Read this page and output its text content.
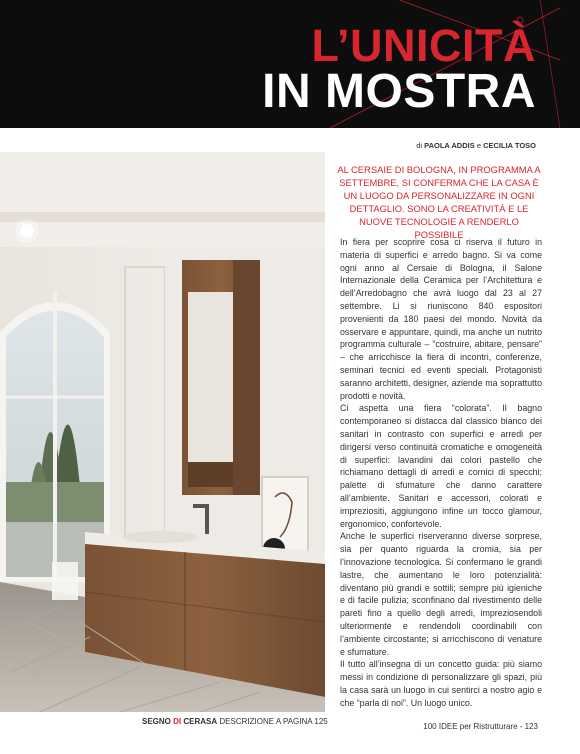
L’UNICITÀ
IN MOSTRA
di PAOLA ADDIS e CECILIA TOSO
SEGNO DI CERASA DESCRIZIONE A PAGINA 125
AL CERSAIE DI BOLOGNA, IN PROGRAMMA A SETTEMBRE, SI CONFERMA CHE LA CASA È UN LUOGO DA PERSONALIZZARE IN OGNI DETTAGLIO. SONO LA CREATIVITÀ E LE NUOVE TECNOLOGIE A RENDERLO POSSIBILE

In fiera per scoprire cosa ci riserva il futuro in materia di superfici e arredo bagno. Si va come ogni anno al Cersaie di Bologna, il Salone Internazionale della Ceramica per l’Architettura e dell’Arredobagno che avrà luogo dal 23 al 27 settembre. Li si riuniscono 840 espositori provenienti da 180 paesi del mondo. Novità da osservare e appuntare, quindi, ma anche un nutrito programma culturale – “costruire, abitare, pensare” – che arricchisce la fiera di incontri, conferenze, seminari tecnici ed eventi speciali. Protagonisti saranno architetti, designer, aziende ma soprattutto prodotti e novità.

Ci aspetta una fiera “colorata”. Il bagno contemporaneo si distacca dal classico bianco dei sanitari in contrasto con superfici e arredi per dirigersi verso continuità cromatiche e omogeneità di superfici: lavandini dai colori pastello che richiamano dettagli di arredi e cornici di specchi; palette di sfumature che danno carattere all’ambiente. Sanitari e accessori, colorati e impreziositi, aggiungono infine un tocco glamour, ergonomico, confortevole.

Anche le superfici riserveranno diverse sorprese, sia per quanto riguarda la cromia, sia per l’innovazione tecnologica. Si confermano le grandi lastre, che aumentano le loro potenzialità: diventano più grandi e sottili; sempre più igieniche e di facile pulizia; sconfinano dal rivestimento delle pareti fino a quello degli arredi, impreziosendoli ulteriormente e rendendoli coordinabili con l’ambiente circostante; si arricchiscono di venature e sfumature.

Il tutto all’insegna di un concetto guida: più siamo messi in condizione di personalizzare gli spazi, più la casa sarà un luogo in cui sentirci a nostro agio e che “parla di noi”. Un luogo unico.

100 IDEE per Ristrutturare - 123
